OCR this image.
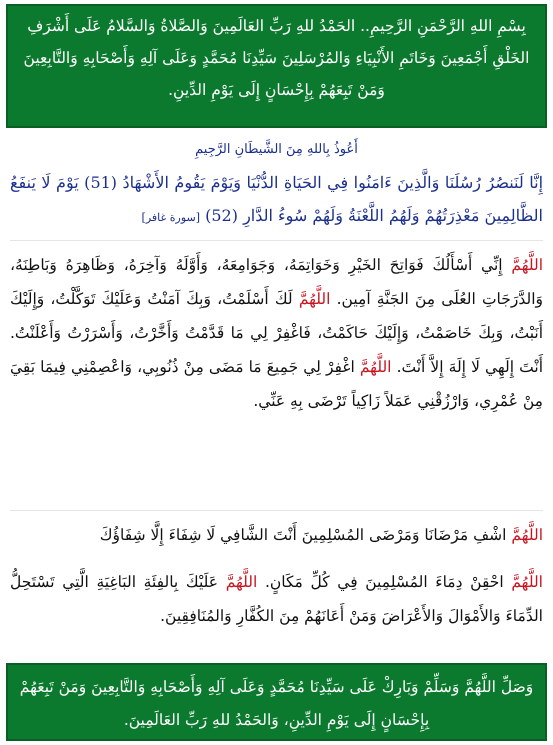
بِسْمِ اللهِ الرَّحْمَنِ الرَّحِيمِ.. الحَمْدُ للهِ رَبِّ العَالَمِينَ وَالصَّلاةُ وَالسَّلامُ عَلَى أَشْرَفِ الخَلْقِ أَجْمَعِينَ وَخَاتَمِ الأَنْبِيَاءِ وَالمُرْسَلِينَ سَيِّدِنَا مُحَمَّدٍ وَعَلَى آلِهِ وَأَصْحَابِهِ وَالتَّابِعِينَ وَمَنْ تَبِعَهُمْ بِإِحْسَانٍ إِلَى يَوْمِ الدِّينِ.
أَعُوذُ بِاللهِ مِنَ الشَّيطَانِ الرَّجِيمِ
إِنَّا لَنَنصُرُ رُسُلَنَا وَالَّذِينَ ءَامَنُوا فِي الحَيَاةِ الدُّنْيَا وَيَوْمَ يَقُومُ الأَشْهَادُ (51) يَوْمَ لَا يَنفَعُ الظَّالِمِينَ مَعْذِرَتُهُمْ وَلَهُمُ اللَّعْنَةُ وَلَهُمْ سُوءُ الدَّارِ (52) [سورة غافر]
اللَّهُمَّ إِنِّي أَسْأَلُكَ فَوَاتِحَ الخَيْرِ وَخَوَاتِمَهُ، وَجَوَامِعَهُ، وَأَوَّلَهُ وَآخِرَهُ، وَظَاهِرَهُ وَبَاطِنَهُ، وَالدَّرَجَاتِ العُلَى مِنَ الجَنَّةِ آمِين. اللَّهُمَّ لَكَ أَسْلَمْتُ، وَبِكَ آمَنْتُ وَعَلَيْكَ تَوَكَّلْتُ، وَإِلَيْكَ أَنَبْتُ، وَبِكَ خَاصَمْتُ، وَإِلَيْكَ حَاكَمْتُ، فَاغْفِرْ لِي مَا قَدَّمْتُ وَأَخَّرْتُ، وَأَسْرَرْتُ وَأَعْلَنْتُ. أَنْتَ إِلَهِي لَا إِلَهَ إِلاَّ أَنْتَ. اللَّهُمَّ اغْفِرْ لِي جَمِيعَ مَا مَضَى مِنْ ذُنُوبِي، وَاعْصِمْنِي فِيمَا بَقِيَ مِنْ عُمْرِي، وَارْزُقْنِي عَمَلاً زَاكِياً تَرْضَى بِهِ عَنِّي.
اللَّهُمَّ اشْفِ مَرْضَانَا وَمَرْضَى المُسْلِمِينَ أَنْتَ الشَّافِي لَا شِفَاءَ إِلَّا شِفَاؤُكَ
اللَّهُمَّ احْقِنْ دِمَاءَ المُسْلِمِينَ فِي كُلِّ مَكَانٍ. اللَّهُمَّ عَلَيْكَ بِالفِئَةِ البَاغِيَةِ الَّتِي تَسْتَحِلُّ الدِّمَاءَ وَالأَمْوَالَ وَالأَعْرَاضَ وَمَنْ أَعَانَهُمْ مِنَ الكُفَّارِ وَالمُنَافِقِينَ.
وَصَلِّ اللَّهُمَّ وَسَلِّمْ وَبَارِكْ عَلَى سَيِّدِنَا مُحَمَّدٍ وَعَلَى آلِهِ وَأَصْحَابِهِ وَالتَّابِعِينَ وَمَنْ تَبِعَهُمْ بِإِحْسَانٍ إِلَى يَوْمِ الدِّينِ، وَالحَمْدُ للهِ رَبِّ العَالَمِينَ.
